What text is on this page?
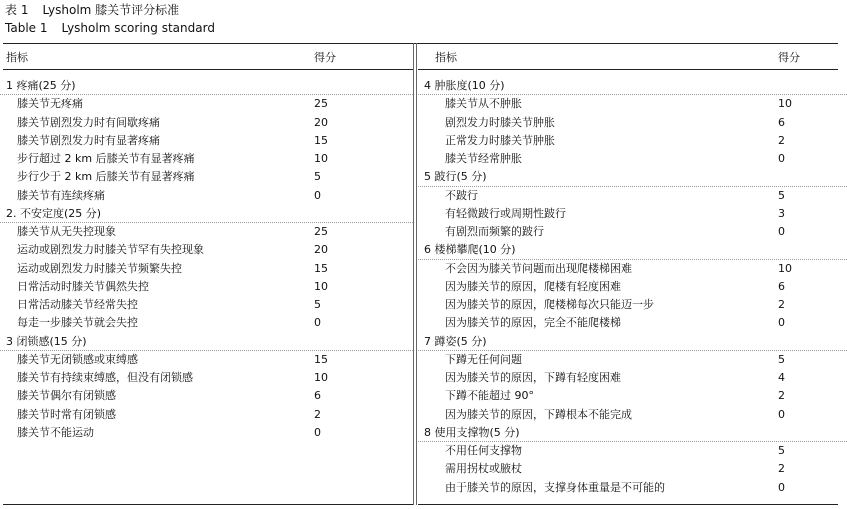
表 1 Lysholm 膝关节评分标准
Table 1 Lysholm scoring standard
指标	得分
1 疼痛(25 分)
膝关节无疼痛	25
膝关节剧烈发力时有间歇疼痛	20
膝关节剧烈发力时有显著疼痛	15
步行超过 2 km 后膝关节有显著疼痛	10
步行少于 2 km 后膝关节有显著疼痛	5
膝关节有连续疼痛	0
2. 不安定度(25 分)
膝关节从无失控现象	25
运动或剧烈发力时膝关节罕有失控现象	20
运动或剧烈发力时膝关节频繁失控	15
日常活动时膝关节偶然失控	10
日常活动膝关节经常失控	5
每走一步膝关节就会失控	0
3 闭锁感(15 分)
膝关节无闭锁感或束缚感	15
膝关节有持续束缚感，但没有闭锁感	10
膝关节偶尔有闭锁感	6
膝关节时常有闭锁感	2
膝关节不能运动	0
指标	得分
4 肿胀度(10 分)
膝关节从不肿胀	10
剧烈发力时膝关节肿胀	6
正常发力时膝关节肿胀	2
膝关节经常肿胀	0
5 跛行(5 分)
不跛行	5
有轻微跛行或周期性跛行	3
有剧烈而频繁的跛行	0
6 楼梯攀爬(10 分)
不会因为膝关节问题而出现爬楼梯困难	10
因为膝关节的原因，爬楼有轻度困难	6
因为膝关节的原因，爬楼梯每次只能迈一步	2
因为膝关节的原因，完全不能爬楼梯	0
7 蹲姿(5 分)
下蹲无任何问题	5
因为膝关节的原因，下蹲有轻度困难	4
下蹲不能超过 90°	2
因为膝关节的原因，下蹲根本不能完成	0
8 使用支撑物(5 分)
不用任何支撑物	5
需用拐杖或腋杖	2
由于膝关节的原因，支撑身体重量是不可能的	0
